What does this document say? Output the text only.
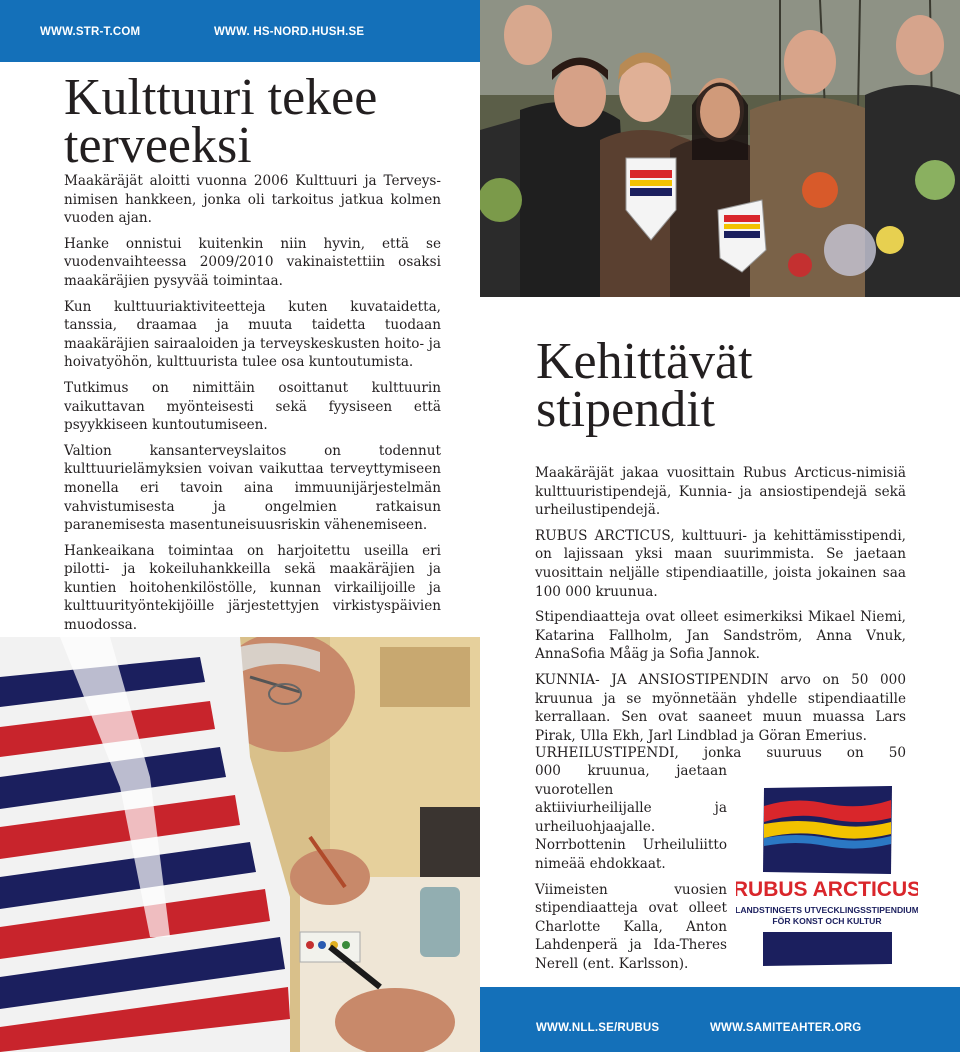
WWW.STR-T.COM	WWW. HS-NORD.HUSH.SE
Kulttuuri tekee
terveeksi

Maakäräjät aloitti vuonna 2006 Kulttuuri ja Terveys-nimisen hankkeen, jonka oli tarkoitus jatkua kolmen vuoden ajan.

Hanke onnistui kuitenkin niin hyvin, että se vuodenvaihteessa 2009/2010 vakinaistettiin osaksi maakäräjien pysyvää toimintaa.

Kun kulttuuriaktiviteetteja kuten kuvataidetta, tanssia, draamaa ja muuta taidetta tuodaan maakäräjien sairaaloiden ja terveyskeskusten hoito- ja hoivatyöhön, kulttuurista tulee osa kuntoutumista.

Tutkimus on nimittäin osoittanut kulttuurin vaikuttavan myönteisesti sekä fyysiseen että psyykkiseen kuntoutumiseen.

Valtion kansanterveyslaitos on todennut kulttuurielämyksien voivan vaikuttaa terveyttymiseen monella eri tavoin aina immuunijärjestelmän vahvistumisesta ja ongelmien ratkaisun paranemisesta masentuneisuusriskin vähenemiseen.

Hankeaikana toimintaa on harjoitettu useilla eri pilotti- ja kokeiluhankkeilla sekä maakäräjien ja kuntien hoitohenkilöstölle, kunnan virkailijoille ja kulttuurityöntekijöille järjestettyjen virkistyspäivien muodossa.

Kehittävät
stipendit

Maakäräjät jakaa vuosittain Rubus Arcticus-nimisiä kulttuuristipendejä, Kunnia- ja ansiostipendejä sekä urheilustipendejä.

RUBUS ARCTICUS, kulttuuri- ja kehittämisstipendi, on lajissaan yksi maan suurimmista. Se jaetaan vuosittain neljälle stipendiaatille, joista jokainen saa 100 000 kruunua.

Stipendiaatteja ovat olleet esimerkiksi Mikael Niemi, Katarina Fallholm, Jan Sandström, Anna Vnuk, AnnaSofia Måäg ja Sofia Jannok.

KUNNIA- JA ANSIOSTIPENDIN arvo on 50 000 kruunua ja se myönnetään yhdelle stipendiaatille kerrallaan. Sen ovat saaneet muun muassa Lars Pirak, Ulla Ekh, Jarl Lindblad ja Göran Emerius.

URHEILUSTIPENDI, jonka suuruus on 50

000 kruunua, jaetaan vuorotellen aktiiviurheilijalle ja urheiluohjaajalle. Norrbottenin Urheiluliitto nimeää ehdokkaat.

Viimeisten vuosien stipendiaatteja ovat olleet Charlotte Kalla, Anton Lahdenperä ja Ida-Theres Nerell (ent. Karlsson).

RUBUS ARCTICUS
LANDSTINGETS UTVECKLINGSSTIPENDIUM
FÖR KONST OCH KULTUR
WWW.NLL.SE/RUBUS	WWW.SAMITEAHTER.ORG
